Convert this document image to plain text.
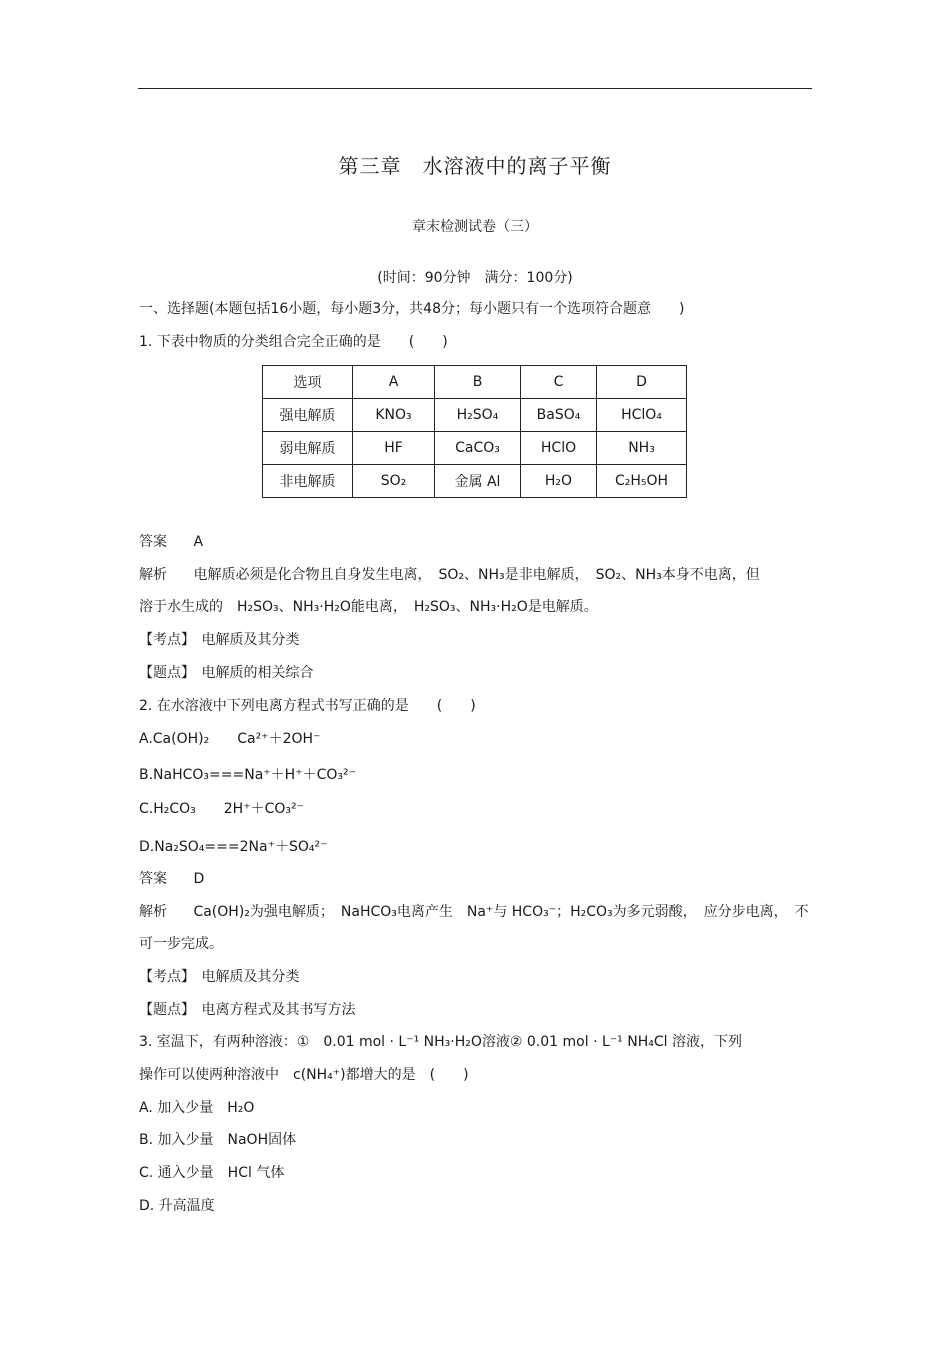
第三章　水溶液中的离子平衡
章末检测试卷（三）
(时间：90分钟　满分：100分)
一、选择题(本题包括16小题，每小题3分，共48分；每小题只有一个选项符合题意　　)
1. 下表中物质的分类组合完全正确的是　　(　　)
选项	A	B	C	D
强电解质	KNO₃	H₂SO₄	BaSO₄	HClO₄
弱电解质	HF	CaCO₃	HClO	NH₃
非电解质	SO₂	金属 Al	H₂O	C₂H₅OH
答案 A
解析 电解质必须是化合物且自身发生电离，　SO₂、NH₃是非电解质，　SO₂、NH₃本身不电离，但
溶于水生成的　H₂SO₃、NH₃·H₂O能电离，　H₂SO₃、NH₃·H₂O是电解质。
【考点】 电解质及其分类
【题点】 电解质的相关综合
2. 在水溶液中下列电离方程式书写正确的是　　(　　)
A.Ca(OH)₂　　Ca²⁺＋2OH⁻
B.NaHCO₃===Na⁺＋H⁺＋CO₃²⁻
C.H₂CO₃　　2H⁺＋CO₃²⁻
D.Na₂SO₄===2Na⁺＋SO₄²⁻
答案 D
解析 Ca(OH)₂为强电解质；　NaHCO₃电离产生　Na⁺与 HCO₃⁻；H₂CO₃为多元弱酸，　应分步电离，　不
可一步完成。
【考点】 电解质及其分类
【题点】 电离方程式及其书写方法
3. 室温下，有两种溶液：①　0.01 mol · L⁻¹ NH₃·H₂O溶液② 0.01 mol · L⁻¹ NH₄Cl 溶液，下列
操作可以使两种溶液中　c(NH₄⁺)都增大的是　(　　)
A. 加入少量　H₂O
B. 加入少量　NaOH固体
C. 通入少量　HCl 气体
D. 升高温度
